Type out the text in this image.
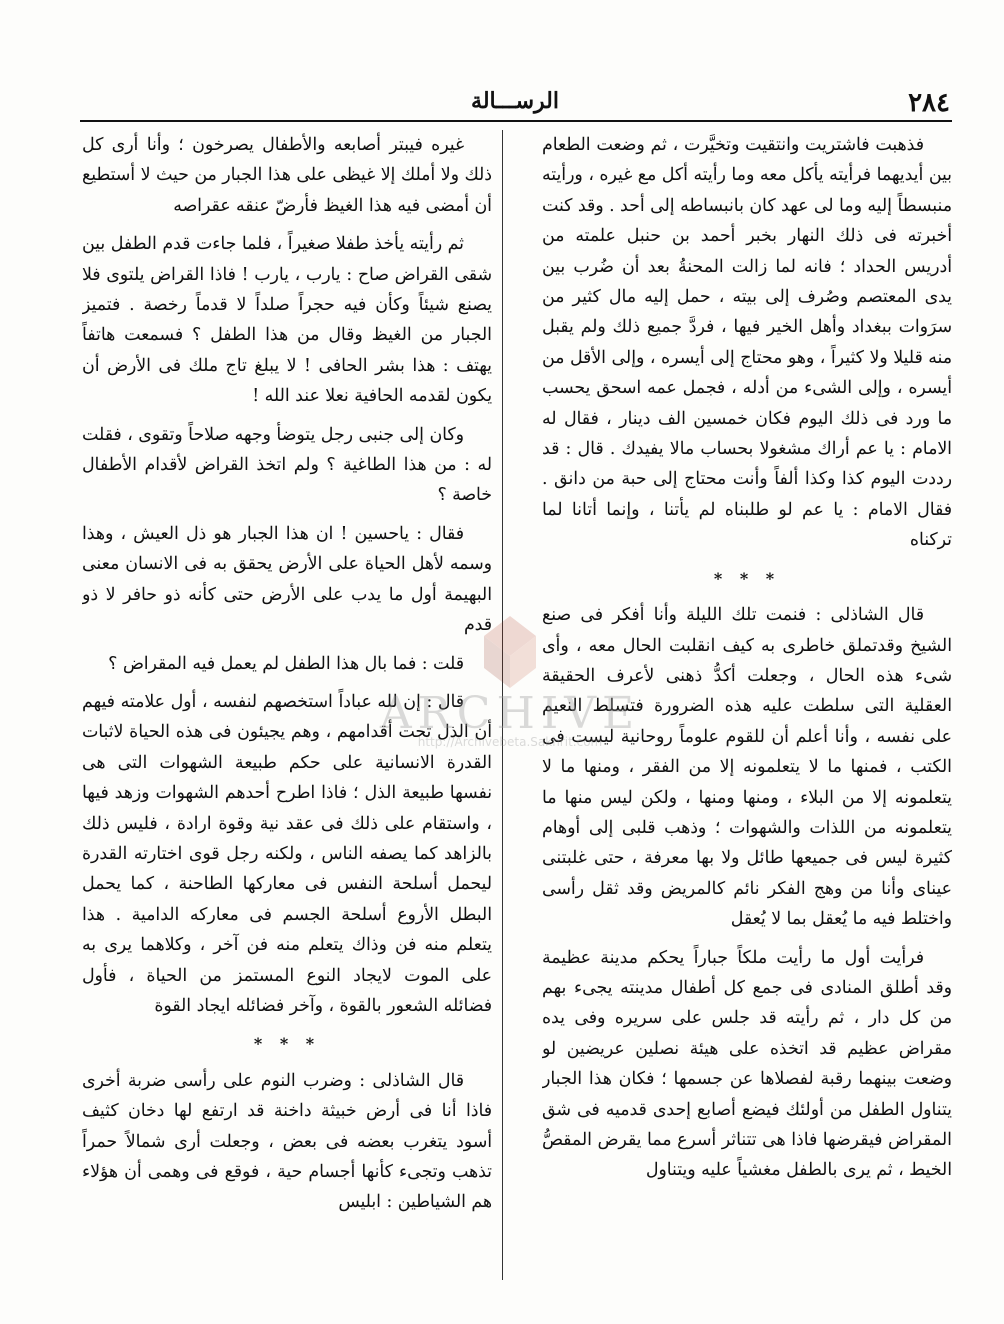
٢٨٤
الرســـالة

فذهبت فاشتريت وانتقيت وتخيَّرت ، ثم وضعت الطعام بين أيديهما فرأيته يأكل معه وما رأيته أكل مع غيره ، ورأيته منبسطاً إليه وما لى عهد كان بانبساطه إلى أحد . وقد كنت أخبرته فى ذلك النهار بخبر أحمد بن حنبل علمته من أدريس الحداد ؛ فانه لما زالت المحنةُ بعد أن ضُرب بين يدى المعتصم وصُرف إلى بيته ، حمل إليه مال كثير من سرَوات ببغداد وأهل الخير فيها ، فردَّ جميع ذلك ولم يقبل منه قليلا ولا كثيراً ، وهو محتاج إلى أيسره ، وإلى الأقل من أيسره ، وإلى الشىء من أدله ، فجمل عمه اسحق يحسب ما ورد فى ذلك اليوم فكان خمسين الف دينار ، فقال له الامام : يا عم أراك مشغولا بحساب مالا يفيدك . قال : قد رددت اليوم كذا وكذا ألفاً وأنت محتاج إلى حبة من دانق . فقال الامام : يا عم لو طلبناه لم يأتنا ، وإنما أتانا لما تركناه

* * *

قال الشاذلى : فنمت تلك الليلة وأنا أفكر فى صنع الشيخ وقدتملق خاطرى به كيف انقلبت الحال معه ، وأى شىء هذه الحال ، وجعلت أكدُّ ذهنى لأعرف الحقيقة العقلية التى سلطت عليه هذه الضرورة فتسلط النعيم على نفسه ، وأنا أعلم أن للقوم علوماً روحانية ليست فى الكتب ، فمنها ما لا يتعلمونه إلا من الفقر ، ومنها ما لا يتعلمونه إلا من البلاء ، ومنها ومنها ، ولكن ليس منها ما يتعلمونه من اللذات والشهوات ؛ وذهب قلبى إلى أوهام كثيرة ليس فى جميعها طائل ولا بها معرفة ، حتى غلبتنى عيناى وأنا من وهج الفكر نائم كالمريض وقد ثقل رأسى واختلط فيه ما يُعقل بما لا يُعقل

فرأيت أول ما رأيت ملكاً جباراً يحكم مدينة عظيمة وقد أطلق المنادى فى جمع كل أطفال مدينته يجىء بهم من كل دار ، ثم رأيته قد جلس على سريره وفى يده مقراض عظيم قد اتخذه على هيئة نصلين عريضين لو وضعت بينهما رقبة لفصلاها عن جسمها ؛ فكان هذا الجبار يتناول الطفل من أولئك فيضع أصابع إحدى قدميه فى شق المقراض فيقرضها فاذا هى تتناثر أسرع مما يقرض المقصُّ الخيط ، ثم يرى بالطفل مغشياً عليه ويتناول

غيره فيبتر أصابعه والأطفال يصرخون ؛ وأنا أرى كل ذلك ولا أملك إلا غيظى على هذا الجبار من حيث لا أستطيع أن أمضى فيه هذا الغيظ فأرضّ عنقه عقراصه

ثم رأيته يأخذ طفلا صغيراً ، فلما جاءت قدم الطفل بين شقى القراض صاح : يارب ، يارب ! فاذا القراض يلتوى فلا يصنع شيئاً وكأن فيه حجراً صلداً لا قدماً رخصة . فتميز الجبار من الغيظ وقال من هذا الطفل ؟ فسمعت هاتفاً يهتف : هذا بشر الحافى ! لا يبلغ تاج ملك فى الأرض أن يكون لقدمه الحافية نعلا عند الله !

وكان إلى جنبى رجل يتوضأ وجهه صلاحاً وتقوى ، فقلت له : من هذا الطاغية ؟ ولم اتخذ القراض لأقدام الأطفال خاصة ؟

فقال : ياحسين ! ان هذا الجبار هو ذل العيش ، وهذا وسمه لأهل الحياة على الأرض يحقق به فى الانسان معنى البهيمة أول ما يدب على الأرض حتى كأنه ذو حافر لا ذو قدم

قلت : فما بال هذا الطفل لم يعمل فيه المقراض ؟

قال : إن لله عباداً استخصهم لنفسه ، أول علامته فيهم أن الذل تحت أقدامهم ، وهم يجيئون فى هذه الحياة لاثبات القدرة الانسانية على حكم طبيعة الشهوات التى هى نفسها طبيعة الذل ؛ فاذا اطرح أحدهم الشهوات وزهد فيها ، واستقام على ذلك فى عقد نية وقوة ارادة ، فليس ذلك بالزاهد كما يصفه الناس ، ولكنه رجل قوى اختارته القدرة ليحمل أسلحة النفس فى معاركها الطاحنة ، كما يحمل البطل الأروع أسلحة الجسم فى معاركه الدامية . هذا يتعلم منه فن وذاك يتعلم منه فن آخر ، وكلاهما يرى به على الموت لايجاد النوع المستمز من الحياة ، فأول فضائله الشعور بالقوة ، وآخر فضائله ايجاد القوة

* * *

قال الشاذلى : وضرب النوم على رأسى ضربة أخرى فاذا أنا فى أرض خبيثة داخنة قد ارتفع لها دخان كثيف أسود يتغرب بعضه فى بعض ، وجعلت أرى شمالاً حمراً تذهب وتجىء كأنها أجسام حية ، فوقع فى وهمى أن هؤلاء هم الشياطين : ابليس

ARCHIVE
http://Archivebeta.Sakhrit.com
